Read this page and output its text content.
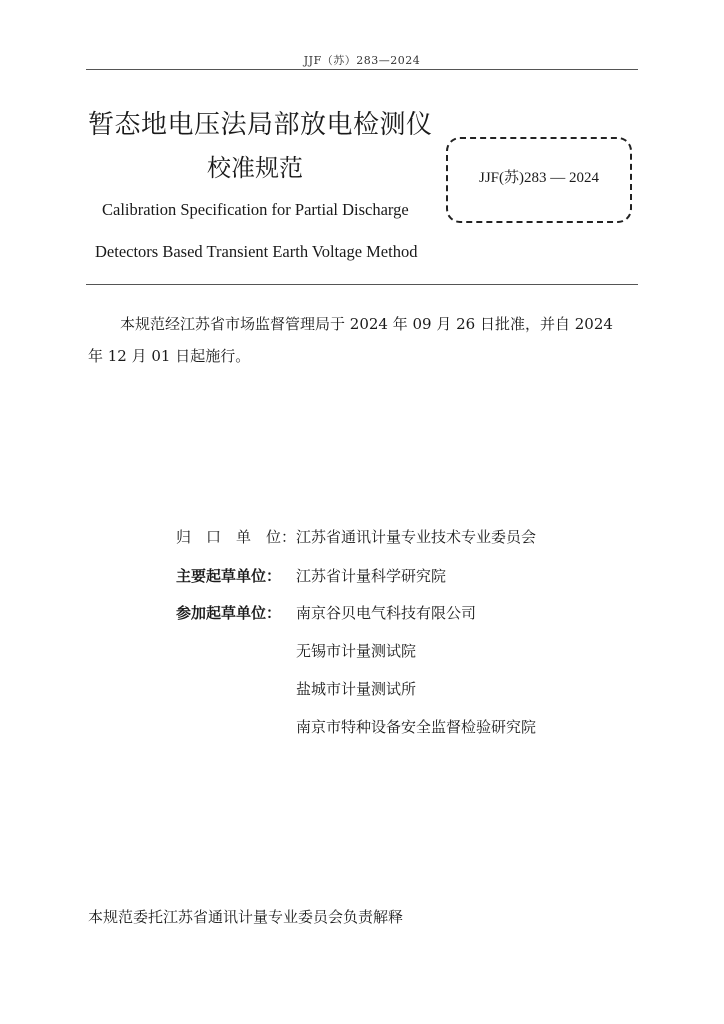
JJF（苏）283—2024
暂态地电压法局部放电检测仪
校准规范
Calibration Specification for Partial Discharge
Detectors Based Transient Earth Voltage Method
JJF(苏)283 — 2024
本规范经江苏省市场监督管理局于 2024 年 09 月 26 日批准，并自 2024
年 12 月 01 日起施行。
归　口　单　位：江苏省通讯计量专业技术专业委员会
主要起草单位： 江苏省计量科学研究院
参加起草单位： 南京谷贝电气科技有限公司
无锡市计量测试院
盐城市计量测试所
南京市特种设备安全监督检验研究院
本规范委托江苏省通讯计量专业委员会负责解释
